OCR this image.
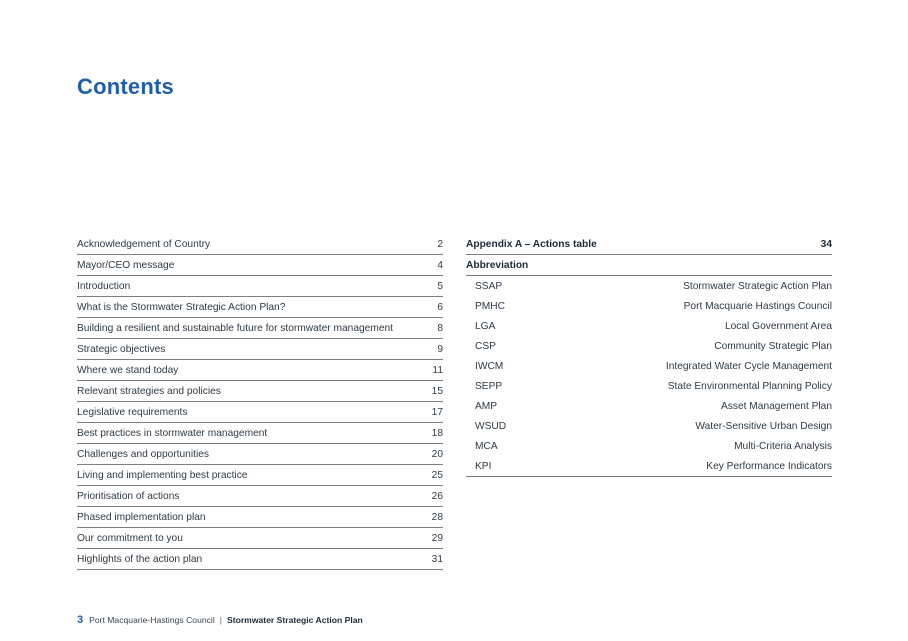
Contents
Acknowledgement of Country	2
Mayor/CEO message	4
Introduction	5
What is the Stormwater Strategic Action Plan?	6
Building a resilient and sustainable future for stormwater management	8
Strategic objectives	9
Where we stand today	11
Relevant strategies and policies	15
Legislative requirements	17
Best practices in stormwater management	18
Challenges and opportunities	20
Living and implementing best practice	25
Prioritisation of actions	26
Phased implementation plan	28
Our commitment to you	29
Highlights of the action plan	31
Appendix A – Actions table	34
Abbreviation
SSAP	Stormwater Strategic Action Plan
PMHC	Port Macquarie Hastings Council
LGA	Local Government Area
CSP	Community Strategic Plan
IWCM	Integrated Water Cycle Management
SEPP	State Environmental Planning Policy
AMP	Asset Management Plan
WSUD	Water-Sensitive Urban Design
MCA	Multi-Criteria Analysis
KPI	Key Performance Indicators
3 Port Macquarie-Hastings Council | Stormwater Strategic Action Plan
